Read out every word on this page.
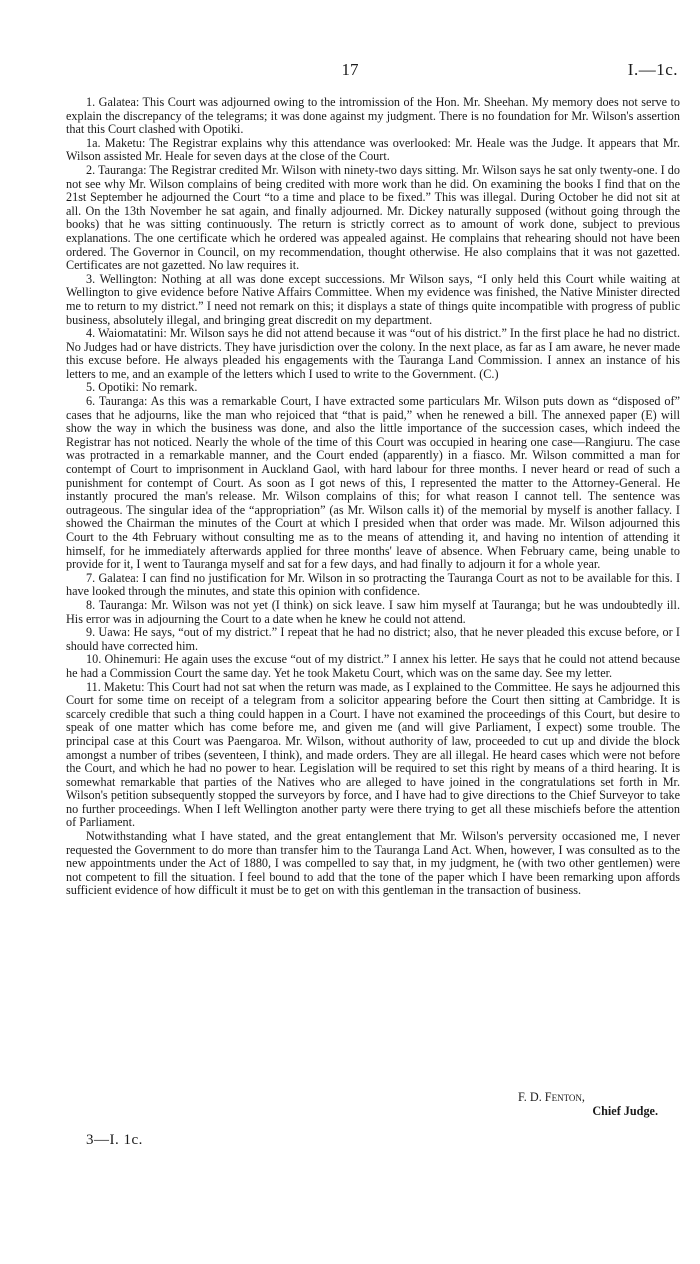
17	I.—1c.

1. Galatea: This Court was adjourned owing to the intromission of the Hon. Mr. Sheehan. My memory does not serve to explain the discrepancy of the telegrams; it was done against my judgment. There is no foundation for Mr. Wilson's assertion that this Court clashed with Opotiki.

1a. Maketu: The Registrar explains why this attendance was overlooked: Mr. Heale was the Judge. It appears that Mr. Wilson assisted Mr. Heale for seven days at the close of the Court.

2. Tauranga: The Registrar credited Mr. Wilson with ninety-two days sitting. Mr. Wilson says he sat only twenty-one. I do not see why Mr. Wilson complains of being credited with more work than he did. On examining the books I find that on the 21st September he adjourned the Court “to a time and place to be fixed.” This was illegal. During October he did not sit at all. On the 13th November he sat again, and finally adjourned. Mr. Dickey naturally supposed (without going through the books) that he was sitting continuously. The return is strictly correct as to amount of work done, subject to previous explanations. The one certificate which he ordered was appealed against. He complains that rehearing should not have been ordered. The Governor in Council, on my recommendation, thought otherwise. He also complains that it was not gazetted. Certificates are not gazetted. No law requires it.

3. Wellington: Nothing at all was done except successions. Mr Wilson says, “I only held this Court while waiting at Wellington to give evidence before Native Affairs Committee. When my evidence was finished, the Native Minister directed me to return to my district.” I need not remark on this; it displays a state of things quite incompatible with progress of public business, absolutely illegal, and bringing great discredit on my department.

4. Waiomatatini: Mr. Wilson says he did not attend because it was “out of his district.” In the first place he had no district. No Judges had or have districts. They have jurisdiction over the colony. In the next place, as far as I am aware, he never made this excuse before. He always pleaded his engagements with the Tauranga Land Commission. I annex an instance of his letters to me, and an example of the letters which I used to write to the Government. (C.)

5. Opotiki: No remark.

6. Tauranga: As this was a remarkable Court, I have extracted some particulars Mr. Wilson puts down as “disposed of” cases that he adjourns, like the man who rejoiced that “that is paid,” when he renewed a bill. The annexed paper (E) will show the way in which the business was done, and also the little importance of the succession cases, which indeed the Registrar has not noticed. Nearly the whole of the time of this Court was occupied in hearing one case—Rangiuru. The case was protracted in a remarkable manner, and the Court ended (apparently) in a fiasco. Mr. Wilson committed a man for contempt of Court to imprisonment in Auckland Gaol, with hard labour for three months. I never heard or read of such a punishment for contempt of Court. As soon as I got news of this, I represented the matter to the Attorney-General. He instantly procured the man's release. Mr. Wilson complains of this; for what reason I cannot tell. The sentence was outrageous. The singular idea of the “appropriation” (as Mr. Wilson calls it) of the memorial by myself is another fallacy. I showed the Chairman the minutes of the Court at which I presided when that order was made. Mr. Wilson adjourned this Court to the 4th February without consulting me as to the means of attending it, and having no intention of attending it himself, for he immediately afterwards applied for three months' leave of absence. When February came, being unable to provide for it, I went to Tauranga myself and sat for a few days, and had finally to adjourn it for a whole year.

7. Galatea: I can find no justification for Mr. Wilson in so protracting the Tauranga Court as not to be available for this. I have looked through the minutes, and state this opinion with confidence.

8. Tauranga: Mr. Wilson was not yet (I think) on sick leave. I saw him myself at Tauranga; but he was undoubtedly ill. His error was in adjourning the Court to a date when he knew he could not attend.

9. Uawa: He says, “out of my district.” I repeat that he had no district; also, that he never pleaded this excuse before, or I should have corrected him.

10. Ohinemuri: He again uses the excuse “out of my district.” I annex his letter. He says that he could not attend because he had a Commission Court the same day. Yet he took Maketu Court, which was on the same day. See my letter.

11. Maketu: This Court had not sat when the return was made, as I explained to the Committee. He says he adjourned this Court for some time on receipt of a telegram from a solicitor appearing before the Court then sitting at Cambridge. It is scarcely credible that such a thing could happen in a Court. I have not examined the proceedings of this Court, but desire to speak of one matter which has come before me, and given me (and will give Parliament, I expect) some trouble. The principal case at this Court was Paengaroa. Mr. Wilson, without authority of law, proceeded to cut up and divide the block amongst a number of tribes (seventeen, I think), and made orders. They are all illegal. He heard cases which were not before the Court, and which he had no power to hear. Legislation will be required to set this right by means of a third hearing. It is somewhat remarkable that parties of the Natives who are alleged to have joined in the congratulations set forth in Mr. Wilson's petition subsequently stopped the surveyors by force, and I have had to give directions to the Chief Surveyor to take no further proceedings. When I left Wellington another party were there trying to get all these mischiefs before the attention of Parliament.

Notwithstanding what I have stated, and the great entanglement that Mr. Wilson's perversity occasioned me, I never requested the Government to do more than transfer him to the Tauranga Land Act. When, however, I was consulted as to the new appointments under the Act of 1880, I was compelled to say that, in my judgment, he (with two other gentlemen) were not competent to fill the situation. I feel bound to add that the tone of the paper which I have been remarking upon affords sufficient evidence of how difficult it must be to get on with this gentleman in the transaction of business.

F. D. Fenton,
Chief Judge.
3—I. 1c.
